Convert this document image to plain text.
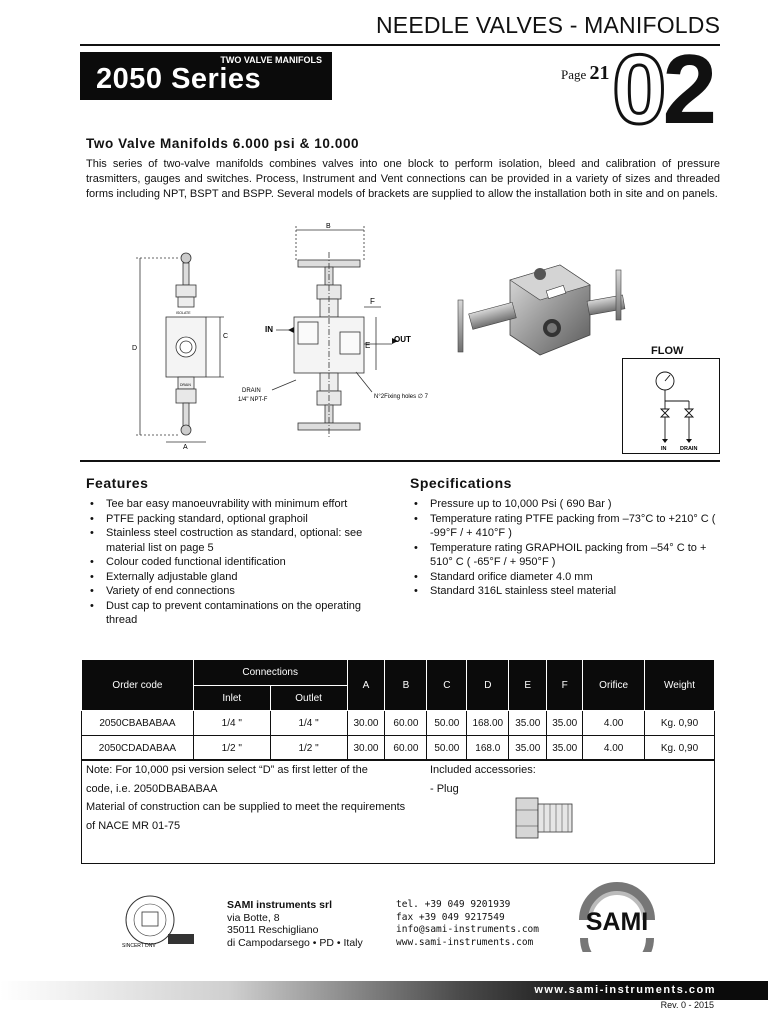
NEEDLE VALVES - MANIFOLDS
TWO VALVE MANIFOLS
2050 Series	Page 21 02
Two Valve Manifolds 6.000 psi & 10.000
This series of two-valve manifolds combines valves into one block to perform isolation, bleed and calibration of pressure trasmitters, gauges and switches. Process, Instrument and Vent connections can be provided in a variety of sizes and threaded forms including NPT, BSPT and BSPP. Several models of brackets are supplied to allow the installation both in site and on panels.
D
C
A
ISOLATE
DRAIN
B
F
E
IN
OUT
DRAIN
1/4" NPT-F	N°2Fixing holes ∅ 7
FLOW
IN DRAIN
Features
• Tee bar easy manoeuvrability with minimum effort
• PTFE packing standard, optional graphoil
• Stainless steel costruction as standard, optional: see material list on page 5
• Colour coded functional identification
• Externally adjustable gland
• Variety of end connections
• Dust cap to prevent contaminations on the operating thread
Specifications
• Pressure up to 10,000 Psi ( 690 Bar )
• Temperature rating PTFE packing from –73°C to +210° C ( -99°F / + 410°F )
• Temperature rating GRAPHOIL packing from –54° C to + 510° C ( -65°F / + 950°F )
• Standard orifice diameter 4.0 mm
• Standard 316L stainless steel material
Order code	Connections		A	B	C	D	E	F	Orifice	Weight
	Inlet	Outlet								
2050CBABABAA	1/4 "	1/4 "	30.00	60.00	50.00	168.00	35.00	35.00	4.00	Kg. 0,90
2050CDADABAA	1/2 "	1/2 "	30.00	60.00	50.00	168.0	35.00	35.00	4.00	Kg. 0,90
Note: For 10,000 psi version select “D” as first letter of the
code, i.e. 2050DBABABAA
Material of construction can be supplied to meet the requirements
of NACE MR 01-75
Included accessories:
- Plug
SINCERT DNV
SAMI instruments srl
via Botte, 8
35011 Reschigliano
di Campodarsego • PD • Italy
tel. +39 049 9201939
fax +39 049 9217549
info@sami-instruments.com
www.sami-instruments.com
SAMI
www.sami-instruments.com
Rev. 0 - 2015
